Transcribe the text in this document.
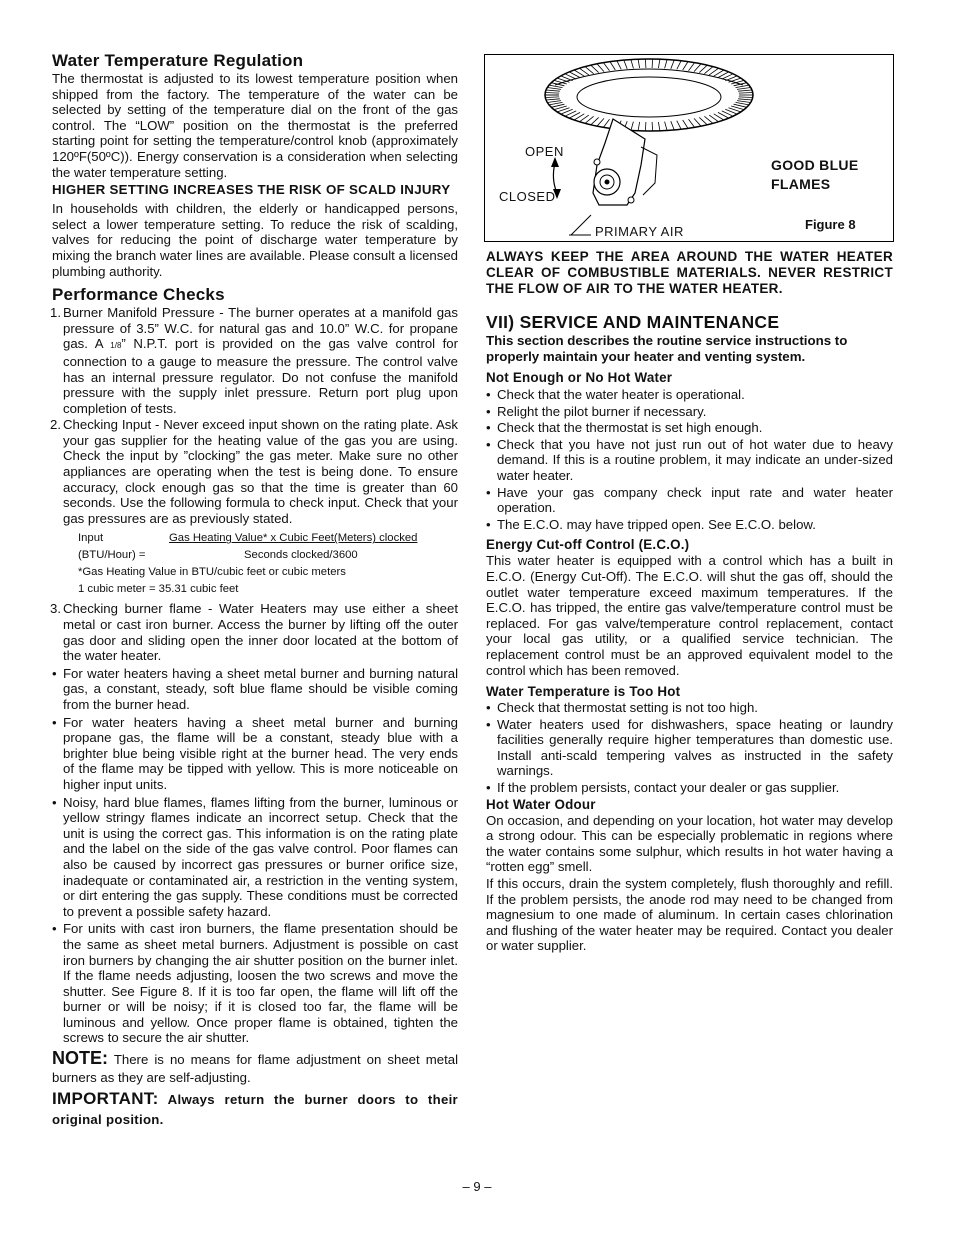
Water Temperature Regulation

The thermostat is adjusted to its lowest temperature position when shipped from the factory. The temperature of the water can be selected by setting of the temperature dial on the front of the gas control. The “LOW” position on the thermostat is the preferred starting point for setting the temperature/control knob (approximately 120ºF(50ºC)). Energy conservation is a consideration when selecting the water temperature setting.

HIGHER SETTING INCREASES THE RISK OF SCALD INJURY

In households with children, the elderly or handicapped persons, select a lower temperature setting. To reduce the risk of scalding, valves for reducing the point of discharge water temperature by mixing the branch water lines are available. Please consult a licensed plumbing authority.

Performance Checks
1. Burner Manifold Pressure - The burner operates at a manifold gas pressure of 3.5” W.C. for natural gas and 10.0” W.C. for propane gas. A 1/8” N.P.T. port is provided on the gas valve control for connection to a gauge to measure the pressure. The control valve has an internal pressure regulator. Do not confuse the manifold pressure with the supply inlet pressure. Return port plug upon completion of tests.
2. Checking Input - Never exceed input shown on the rating plate. Ask your gas supplier for the heating value of the gas you are using. Check the input by ”clocking” the gas meter. Make sure no other appliances are operating when the test is being done. To ensure accuracy, clock enough gas so that the time is greater than 60 seconds. Use the following formula to check input. Check that your gas pressures are as previously stated.
Input	Gas Heating Value* x Cubic Feet(Meters) clocked
(BTU/Hour) =	Seconds clocked/3600
*Gas Heating Value in BTU/cubic feet or cubic meters
1 cubic meter = 35.31 cubic feet
3. Checking burner flame - Water Heaters may use either a sheet metal or cast iron burner. Access the burner by lifting off the outer gas door and sliding open the inner door located at the bottom of the water heater.
• For water heaters having a sheet metal burner and burning natural gas, a constant, steady, soft blue flame should be visible coming from the burner head.
• For water heaters having a sheet metal burner and burning propane gas, the flame will be a constant, steady blue with a brighter blue being visible right at the burner head. The very ends of the flame may be tipped with yellow. This is more noticeable on higher input units.
• Noisy, hard blue flames, flames lifting from the burner, luminous or yellow stringy flames indicate an incorrect setup. Check that the unit is using the correct gas. This information is on the rating plate and the label on the side of the gas valve control. Poor flames can also be caused by incorrect gas pressures or burner orifice size, inadequate or contaminated air, a restriction in the venting system, or dirt entering the gas supply. These conditions must be corrected to prevent a possible safety hazard.
• For units with cast iron burners, the flame presentation should be the same as sheet metal burners. Adjustment is possible on cast iron burners by changing the air shutter position on the burner inlet. If the flame needs adjusting, loosen the two screws and move the shutter. See Figure 8. If it is too far open, the flame will lift off the burner or will be noisy; if it is closed too far, the flame will be luminous and yellow. Once proper flame is obtained, tighten the screws to secure the air shutter.

NOTE: There is no means for flame adjustment on sheet metal burners as they are self-adjusting.

IMPORTANT: Always return the burner doors to their original position.

OPEN
CLOSED
PRIMARY AIR
GOOD BLUE
FLAMES
Figure 8

ALWAYS KEEP THE AREA AROUND THE WATER HEATER CLEAR OF COMBUSTIBLE MATERIALS. NEVER RESTRICT THE FLOW OF AIR TO THE WATER HEATER.

VII) SERVICE AND MAINTENANCE

This section describes the routine service instructions to properly maintain your heater and venting system.

Not Enough or No Hot Water

• Check that the water heater is operational.
• Relight the pilot burner if necessary.
• Check that the thermostat is set high enough.
• Check that you have not just run out of hot water due to heavy demand. If this is a routine problem, it may indicate an under-sized water heater.
• Have your gas company check input rate and water heater operation.
• The E.C.O. may have tripped open. See E.C.O. below.

Energy Cut-off Control (E.C.O.)

This water heater is equipped with a control which has a built in E.C.O. (Energy Cut-Off). The E.C.O. will shut the gas off, should the outlet water temperature exceed maximum temperatures. If the E.C.O. has tripped, the entire gas valve/temperature control must be replaced. For gas valve/temperature control replacement, contact your local gas utility, or a qualified service technician. The replacement control must be an approved equivalent model to the control which has been removed.

Water Temperature is Too Hot

• Check that thermostat setting is not too high.
• Water heaters used for dishwashers, space heating or laundry facilities generally require higher temperatures than domestic use. Install anti-scald tempering valves as instructed in the safety warnings.
• If the problem persists, contact your dealer or gas supplier.

Hot Water Odour

On occasion, and depending on your location, hot water may develop a strong odour. This can be especially problematic in regions where the water contains some sulphur, which results in hot water having a “rotten egg” smell.

If this occurs, drain the system completely, flush thoroughly and refill. If the problem persists, the anode rod may need to be changed from magnesium to one made of aluminum. In certain cases chlorination and flushing of the water heater may be required. Contact you dealer or water supplier.

– 9 –
